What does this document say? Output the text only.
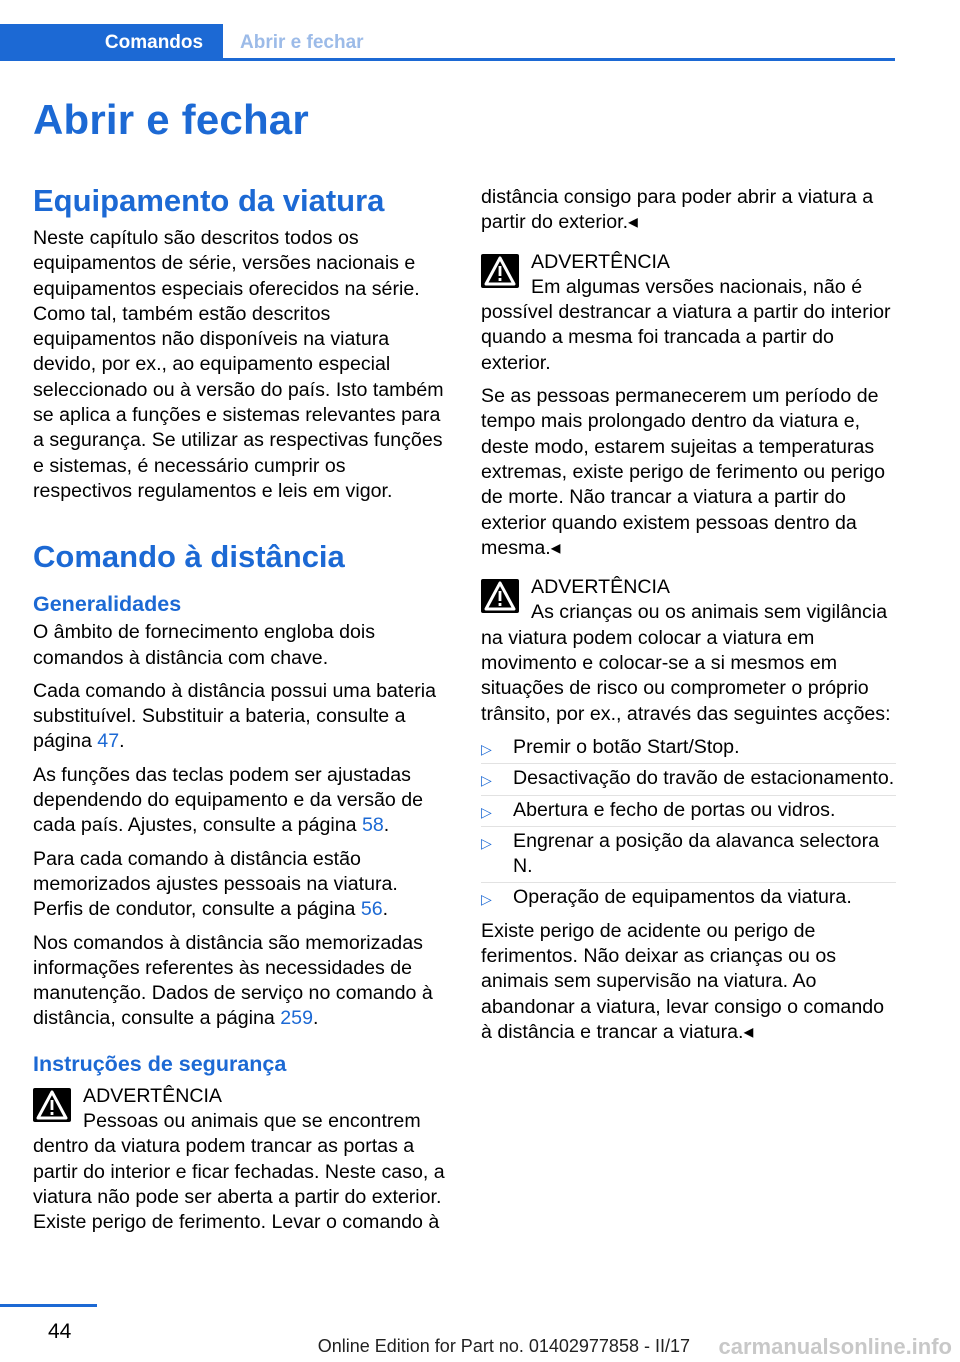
Comandos	Abrir e fechar
Abrir e fechar
Equipamento da viatura

Neste capítulo são descritos todos os equipamentos de série, versões nacionais e equipamentos especiais oferecidos na série. Como tal, também estão descritos equipamentos não disponíveis na viatura devido, por ex., ao equipamento especial seleccionado ou à versão do país. Isto também se aplica a funções e sistemas relevantes para a segurança. Se utilizar as respectivas funções e sistemas, é necessário cumprir os respectivos regulamentos e leis em vigor.

Comando à distância
Generalidades

O âmbito de fornecimento engloba dois comandos à distância com chave.

Cada comando à distância possui uma bateria substituível. Substituir a bateria, consulte a página 47.

As funções das teclas podem ser ajustadas dependendo do equipamento e da versão de cada país. Ajustes, consulte a página 58.

Para cada comando à distância estão memorizados ajustes pessoais na viatura. Perfis de condutor, consulte a página 56.

Nos comandos à distância são memorizadas informações referentes às necessidades de manutenção. Dados de serviço no comando à distância, consulte a página 259.

Instruções de segurança
ADVERTÊNCIA
Pessoas ou animais que se encontrem
dentro da viatura podem trancar as portas a partir do interior e ficar fechadas. Neste caso, a viatura não pode ser aberta a partir do exterior. Existe perigo de ferimento. Levar o comando à

distância consigo para poder abrir a viatura a partir do exterior.◂

ADVERTÊNCIA
Em algumas versões nacionais, não é
possível destrancar a viatura a partir do interior quando a mesma foi trancada a partir do exterior.

Se as pessoas permanecerem um período de tempo mais prolongado dentro da viatura e, deste modo, estarem sujeitas a temperaturas extremas, existe perigo de ferimento ou perigo de morte. Não trancar a viatura a partir do exterior quando existem pessoas dentro da mesma.◂

ADVERTÊNCIA
As crianças ou os animais sem vigilância
na viatura podem colocar a viatura em movimento e colocar-se a si mesmos em situações de risco ou comprometer o próprio trânsito, por ex., através das seguintes acções:
▷ Premir o botão Start/Stop.
▷ Desactivação do travão de estacionamento.
▷ Abertura e fecho de portas ou vidros.
▷ Engrenar a posição da alavanca selectora N.
▷ Operação de equipamentos da viatura.

Existe perigo de acidente ou perigo de ferimentos. Não deixar as crianças ou os animais sem supervisão na viatura. Ao abandonar a viatura, levar consigo o comando à distância e trancar a viatura.◂

44
Online Edition for Part no. 01402977858 - II/17 carmanualsonline.info
